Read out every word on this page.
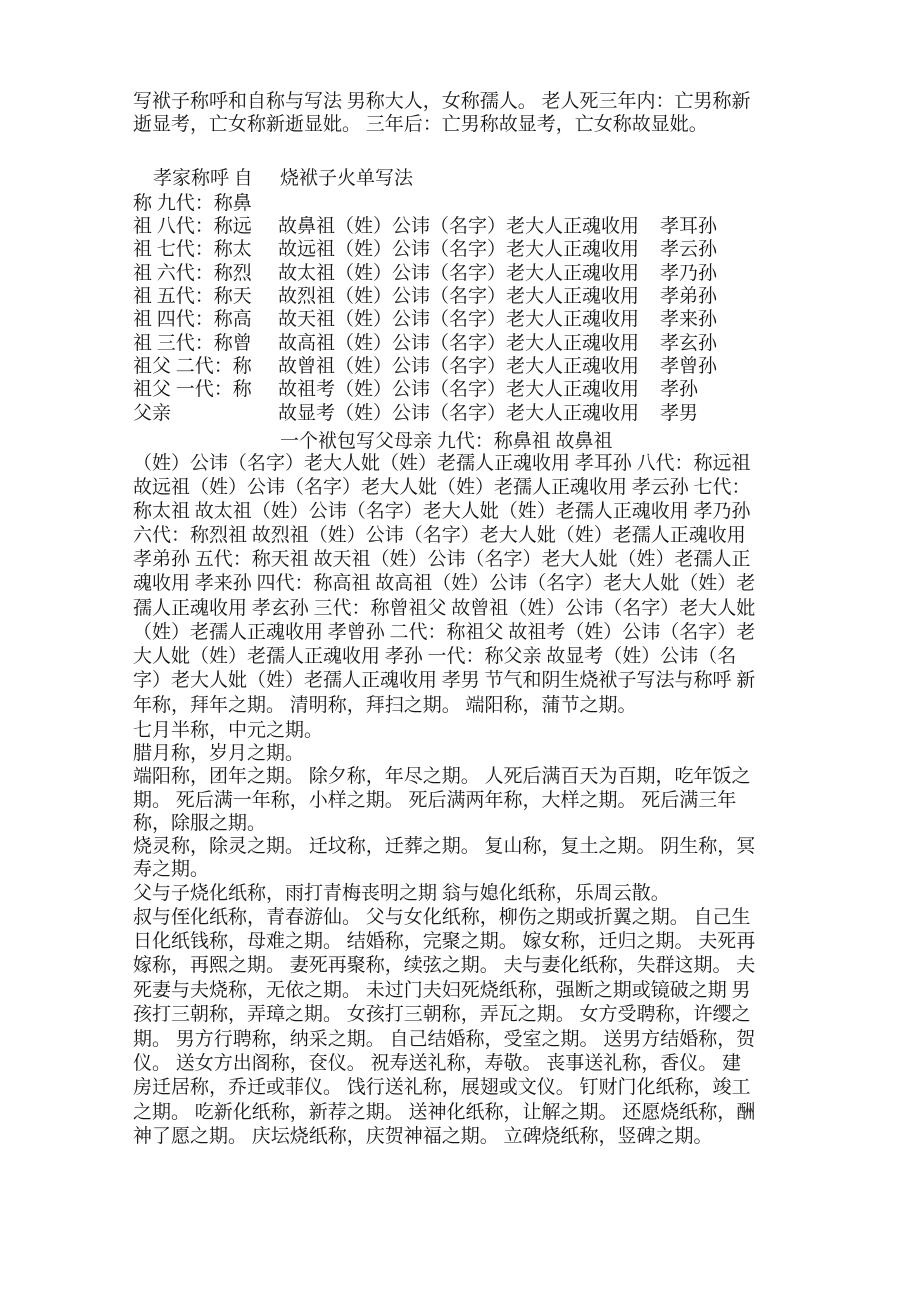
写袱子称呼和自称与写法 男称大人，女称孺人。 老人死三年内：亡男称新
逝显考，亡女称新逝显妣。 三年后：亡男称故显考，亡女称故显妣。
孝家称呼 自 烧袱子火单写法
称 九代：称鼻
祖 八代：称远 故鼻祖（姓）公讳（名字）老大人正魂收用 孝耳孙
祖 七代：称太 故远祖（姓）公讳（名字）老大人正魂收用 孝云孙
祖 六代：称烈 故太祖（姓）公讳（名字）老大人正魂收用 孝乃孙
祖 五代：称天 故烈祖（姓）公讳（名字）老大人正魂收用 孝弟孙
祖 四代：称高 故天祖（姓）公讳（名字）老大人正魂收用 孝来孙
祖 三代：称曾 故高祖（姓）公讳（名字）老大人正魂收用 孝玄孙
祖父 二代：称 故曾祖（姓）公讳（名字）老大人正魂收用 孝曾孙
祖父 一代：称 故祖考（姓）公讳（名字）老大人正魂收用 孝孙
父亲	故显考（姓）公讳（名字）老大人正魂收用 孝男
一个袱包写父母亲 九代：称鼻祖 故鼻祖
（姓）公讳（名字）老大人妣（姓）老孺人正魂收用 孝耳孙 八代：称远祖
故远祖（姓）公讳（名字）老大人妣（姓）老孺人正魂收用 孝云孙 七代：
称太祖 故太祖（姓）公讳（名字）老大人妣（姓）老孺人正魂收用 孝乃孙
六代：称烈祖 故烈祖（姓）公讳（名字）老大人妣（姓）老孺人正魂收用
孝弟孙 五代：称天祖 故天祖（姓）公讳（名字）老大人妣（姓）老孺人正
魂收用 孝来孙 四代：称高祖 故高祖（姓）公讳（名字）老大人妣（姓）老
孺人正魂收用 孝玄孙 三代：称曾祖父 故曾祖（姓）公讳（名字）老大人妣
（姓）老孺人正魂收用 孝曾孙 二代：称祖父 故祖考（姓）公讳（名字）老
大人妣（姓）老孺人正魂收用 孝孙 一代：称父亲 故显考（姓）公讳（名
字）老大人妣（姓）老孺人正魂收用 孝男 节气和阴生烧袱子写法与称呼 新
年称，拜年之期。 清明称，拜扫之期。 端阳称，蒲节之期。
七月半称，中元之期。
腊月称，岁月之期。
端阳称，团年之期。 除夕称，年尽之期。 人死后满百天为百期，吃年饭之
期。 死后满一年称，小样之期。 死后满两年称，大样之期。 死后满三年
称，除服之期。
烧灵称，除灵之期。 迁坟称，迁葬之期。 复山称，复土之期。 阴生称，冥
寿之期。
父与子烧化纸称，雨打青梅丧明之期 翁与媳化纸称，乐周云散。
叔与侄化纸称，青春游仙。 父与女化纸称，柳伤之期或折翼之期。 自己生
日化纸钱称，母难之期。 结婚称，完聚之期。 嫁女称，迁归之期。 夫死再
嫁称，再熙之期。 妻死再聚称，续弦之期。 夫与妻化纸称，失群这期。 夫
死妻与夫烧称，无依之期。 未过门夫妇死烧纸称，强断之期或镜破之期 男
孩打三朝称，弄璋之期。 女孩打三朝称，弄瓦之期。 女方受聘称，许缨之
期。 男方行聘称，纳采之期。 自己结婚称，受室之期。 送男方结婚称，贺
仪。 送女方出阁称，奁仪。 祝寿送礼称，寿敬。 丧事送礼称，香仪。 建
房迁居称，乔迁或菲仪。 饯行送礼称，展翅或文仪。 钉财门化纸称，竣工
之期。 吃新化纸称，新荐之期。 送神化纸称，让解之期。 还愿烧纸称，酬
神了愿之期。 庆坛烧纸称，庆贺神福之期。 立碑烧纸称，竖碑之期。
